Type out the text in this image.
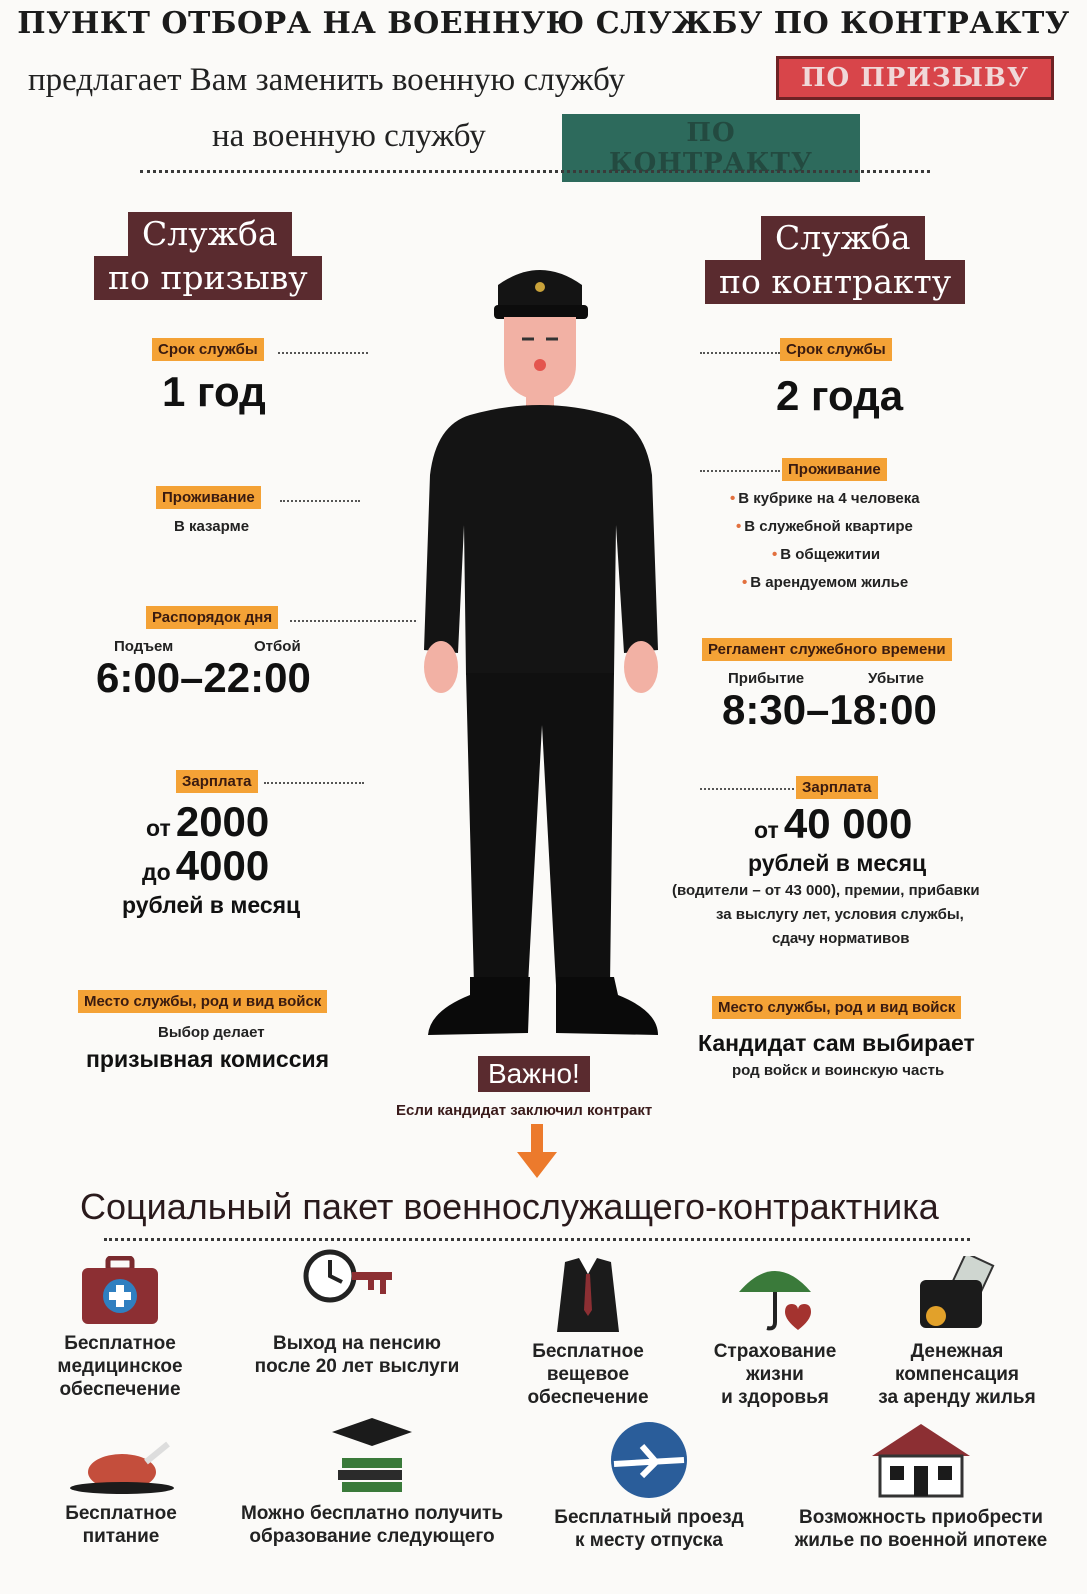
ПУНКТ ОТБОРА НА ВОЕННУЮ СЛУЖБУ ПО КОНТРАКТУ
предлагает Вам заменить военную службу	ПО ПРИЗЫВУ
на военную службу	ПО КОНТРАКТУ
Служба
по призыву
Служба
по контракту
Срок службы
1 год
Проживание
В казарме
Распорядок дня
Подъем	Отбой
6:00–22:00
Зарплата
от 2000
до 4000
рублей в месяц
Место службы, род и вид войск
Выбор делает
призывная комиссия
Срок службы
2 года
Проживание
• В кубрике на 4 человека
• В служебной квартире
• В общежитии
• В арендуемом жилье
Регламент служебного времени
Прибытие	Убытие
8:30–18:00
Зарплата
от 40 000
рублей в месяц
(водители – от 43 000), премии, прибавки
за выслугу лет, условия службы,
сдачу нормативов
Место службы, род и вид войск
Кандидат сам выбирает
род войск и воинскую часть
Важно!
Если кандидат заключил контракт
Социальный пакет военнослужащего-контрактника
Бесплатное
медицинское
обеспечение
Выход на пенсию
после 20 лет выслуги
Бесплатное
вещевое
обеспечение
Страхование
жизни
и здоровья
Денежная
компенсация
за аренду жилья
Бесплатное
питание
Можно бесплатно получить
образование следующего
Бесплатный проезд
к месту отпуска
Возможность приобрести
жилье по военной ипотеке
